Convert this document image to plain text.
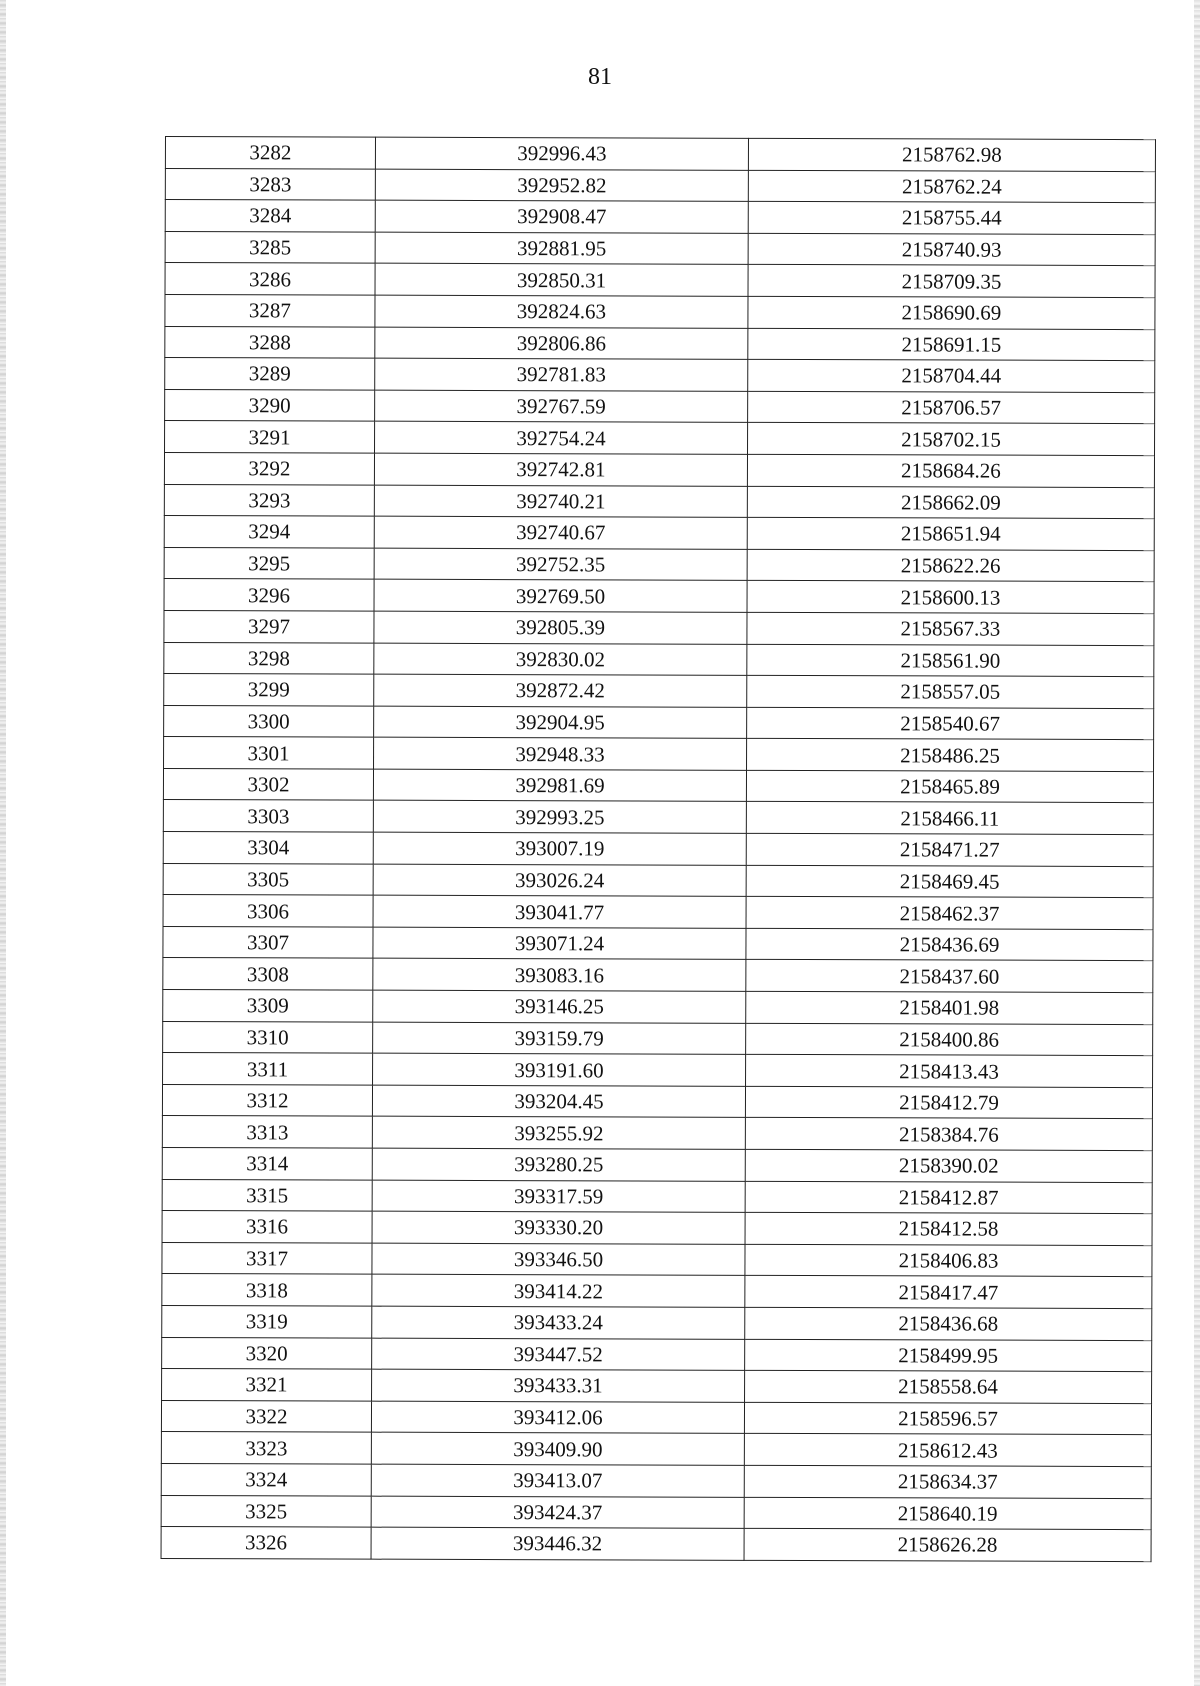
81
3282	392996.43	2158762.98
3283	392952.82	2158762.24
3284	392908.47	2158755.44
3285	392881.95	2158740.93
3286	392850.31	2158709.35
3287	392824.63	2158690.69
3288	392806.86	2158691.15
3289	392781.83	2158704.44
3290	392767.59	2158706.57
3291	392754.24	2158702.15
3292	392742.81	2158684.26
3293	392740.21	2158662.09
3294	392740.67	2158651.94
3295	392752.35	2158622.26
3296	392769.50	2158600.13
3297	392805.39	2158567.33
3298	392830.02	2158561.90
3299	392872.42	2158557.05
3300	392904.95	2158540.67
3301	392948.33	2158486.25
3302	392981.69	2158465.89
3303	392993.25	2158466.11
3304	393007.19	2158471.27
3305	393026.24	2158469.45
3306	393041.77	2158462.37
3307	393071.24	2158436.69
3308	393083.16	2158437.60
3309	393146.25	2158401.98
3310	393159.79	2158400.86
3311	393191.60	2158413.43
3312	393204.45	2158412.79
3313	393255.92	2158384.76
3314	393280.25	2158390.02
3315	393317.59	2158412.87
3316	393330.20	2158412.58
3317	393346.50	2158406.83
3318	393414.22	2158417.47
3319	393433.24	2158436.68
3320	393447.52	2158499.95
3321	393433.31	2158558.64
3322	393412.06	2158596.57
3323	393409.90	2158612.43
3324	393413.07	2158634.37
3325	393424.37	2158640.19
3326	393446.32	2158626.28
